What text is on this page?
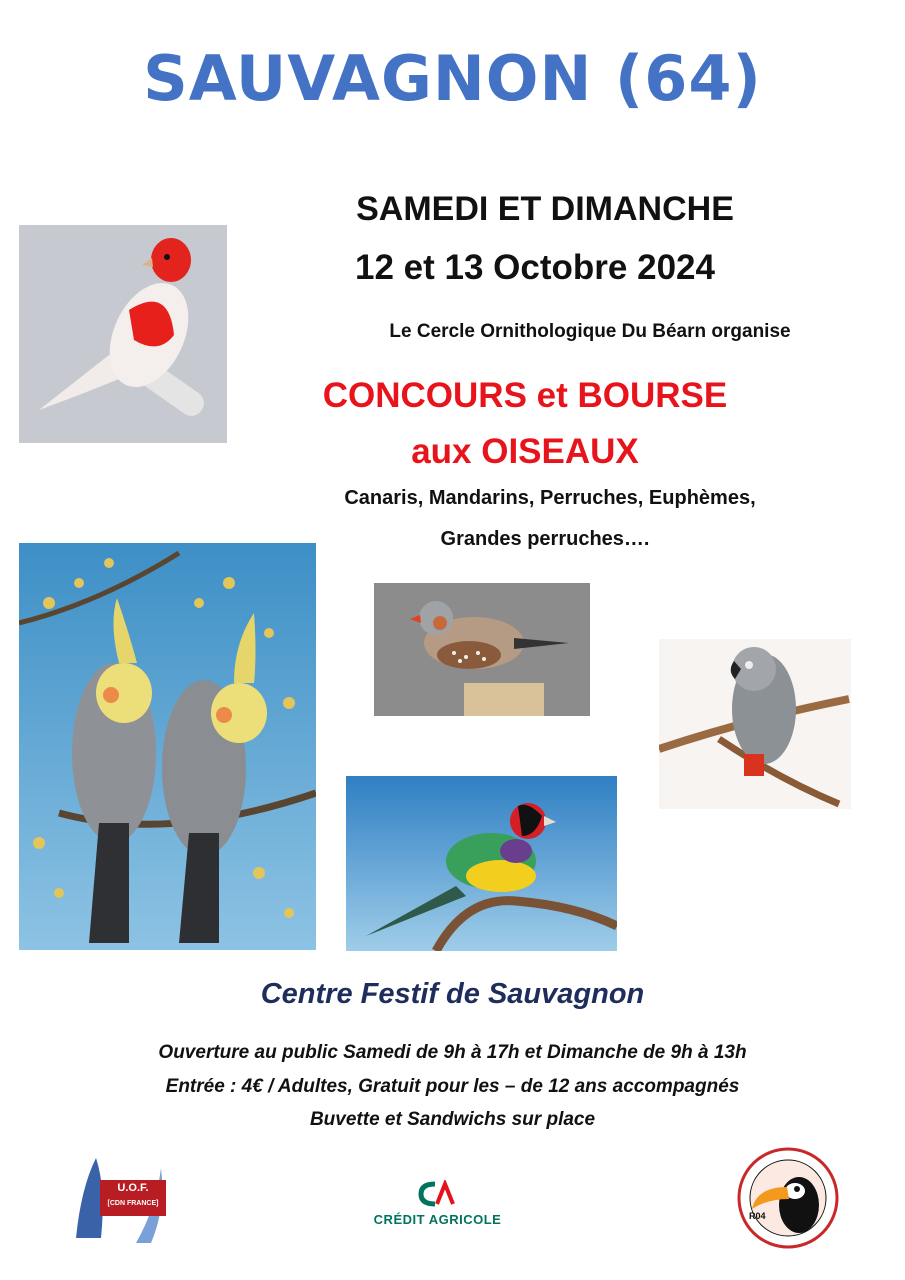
SAUVAGNON (64)
SAMEDI ET DIMANCHE
12 et 13 Octobre 2024
Le Cercle Ornithologique Du Béarn organise
CONCOURS et BOURSE
aux OISEAUX
Canaris, Mandarins, Perruches, Euphèmes,
Grandes perruches….
Centre Festif de Sauvagnon
Ouverture au public Samedi de 9h à 17h et Dimanche de 9h à 13h
Entrée : 4€ / Adultes, Gratuit pour les – de 12 ans accompagnés
Buvette et Sandwichs sur place
U.O.F.
[CDN FRANCE]
CRÉDIT AGRICOLE	R04
